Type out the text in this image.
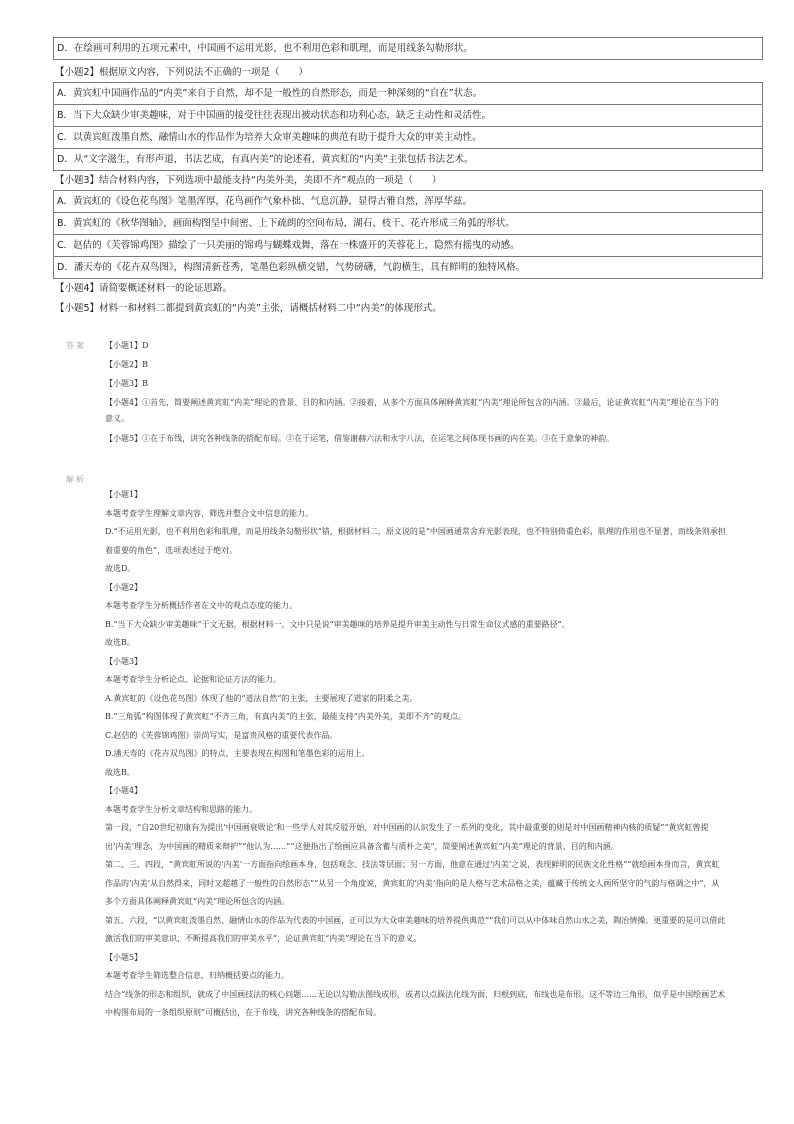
D．在绘画可利用的五项元素中，中国画不运用光影，也不利用色彩和肌理，而是用线条勾勒形状。
【小题2】根据原文内容，下列说法不正确的一项是（　　）
A．黄宾虹中国画作品的“内美”来自于自然，却不是一般性的自然形态，而是一种深刻的“自在”状态。
B．当下大众缺少审美趣味，对于中国画的接受往往表现出被动状态和功利心态，缺乏主动性和灵活性。
C．以黄宾虹泼墨自然、融情山水的作品作为培养大众审美趣味的典范有助于提升大众的审美主动性。
D．从“文字滋生，有形声道，书法艺成，有真内美”的论述看，黄宾虹的“内美”主张包括书法艺术。
【小题3】结合材料内容，下列选项中最能支持“内美外美，美即不齐”观点的一项是（　　）
A．黄宾虹的《设色花鸟图》笔墨浑厚，花鸟画作气象朴拙、气息沉静，显得古雅自然，浑厚华兹。
B．黄宾虹的《秋华图轴》，画面构图呈中间密、上下疏朗的空间布局，湖石、枝干、花卉形成三角弧的形状。
C．赵佶的《芙蓉锦鸡图》描绘了一只美丽的锦鸡与蝴蝶戏舞，落在一株盛开的芙蓉花上，隐然有摇曳的动感。
D．潘天寿的《花卉双鸟图》，构图清新苍秀，笔墨色彩纵横交错，气势磅礴，气韵横生，具有鲜明的独特风格。
【小题4】请简要概述材料一的论证思路。
【小题5】材料一和材料二都提到黄宾虹的“内美”主张，请概括材料二中“内美”的体现形式。
答案 【小题1】D
【小题2】B
【小题3】B
【小题4】①首先，简要阐述黄宾虹“内美”理论的背景、目的和内涵。②接着，从多个方面具体阐释黄宾虹“内美”理论所包含的内涵。③最后，论证黄宾虹“内美”理论在当下的意义。
【小题5】①在于布线，讲究各种线条的搭配布局。②在于运笔，借鉴谢赫六法和永字八法，在运笔之间体现书画的内在美。③在于意象的神韵。
解析
【小题1】
本题考查学生理解文章内容，筛选并整合文中信息的能力。
D.“不运用光影，也不利用色彩和肌理，而是用线条勾勒形状”错，根据材料二，原文说的是“中国画通常舍弃光影表现，也不特别倚重色彩，肌理的作用也不显著，而线条则承担着重要的角色”，选项表述过于绝对。
故选D。
【小题2】
本题考查学生分析概括作者在文中的观点态度的能力。
B.“当下大众缺少审美趣味”于文无据，根据材料一，文中只是说“审美趣味的培养是提升审美主动性与日常生命仪式感的重要路径”。
故选B。
【小题3】
本题考查学生分析论点、论据和论证方法的能力。
A.黄宾虹的《设色花鸟图》体现了他的“道法自然”的主张，主要展现了道家的阴柔之美。
B.“三角弧”构图体现了黄宾虹“不齐三角，有真内美”的主张，最能支持“内美外美，美即不齐”的观点。
C.赵佶的《芙蓉锦鸡图》崇尚写实，是富贵风格的重要代表作品。
D.潘天寿的《花卉双鸟图》的特点，主要表现在构图和笔墨色彩的运用上。
故选B。
【小题4】
本题考查学生分析文章结构和思路的能力。
第一段，“自20世纪初康有为提出‘中国画衰败论’和一些学人对其反驳开始，对中国画的认识发生了一系列的变化，其中最重要的则是对中国画精神内核的质疑”“黄宾虹曾提出‘内美’理念，为中国画的精质来辩护”“他认为……”“这便指出了绘画应具备含蓄与质朴之美”，简要阐述黄宾虹“内美”理论的背景、目的和内涵。
第二、三、四段，“黄宾虹所说的‘内美’一方面指向绘画本身，包括观念、技法等层面；另一方面，他意在通过‘内美’之说，表现鲜明的民族文化性格”“就绘画本身而言，黄宾虹作品的‘内美’从自然得来，同时又超越了一般性的自然形态”“从另一个角度说，黄宾虹的‘内美’指向的是人格与艺术品格之美，蕴藏于传统文人画所坚守的气韵与格调之中”，从多个方面具体阐释黄宾虹“内美”理论所包含的内涵。
第五、六段，“以黄宾虹泼墨自然、融情山水的作品为代表的中国画，正可以为大众审美趣味的培养提供典范”“我们可以从中体味自然山水之美，陶冶情操。更重要的是可以借此激活我们的审美意识，不断提高我们的审美水平”，论证黄宾虹“内美”理论在当下的意义。
【小题5】
本题考查学生筛选整合信息，归纳概括要点的能力。
结合“线条的形态和组织，就成了中国画技法的核心问题……无论以勾勒法图线成形，或者以点跺法化线为面，归根到底，布线也是布形。这不等边三角形，似乎是中国绘画艺术中构图布局的一条组织原则”可概括出，在于布线，讲究各种线条的搭配布局。
